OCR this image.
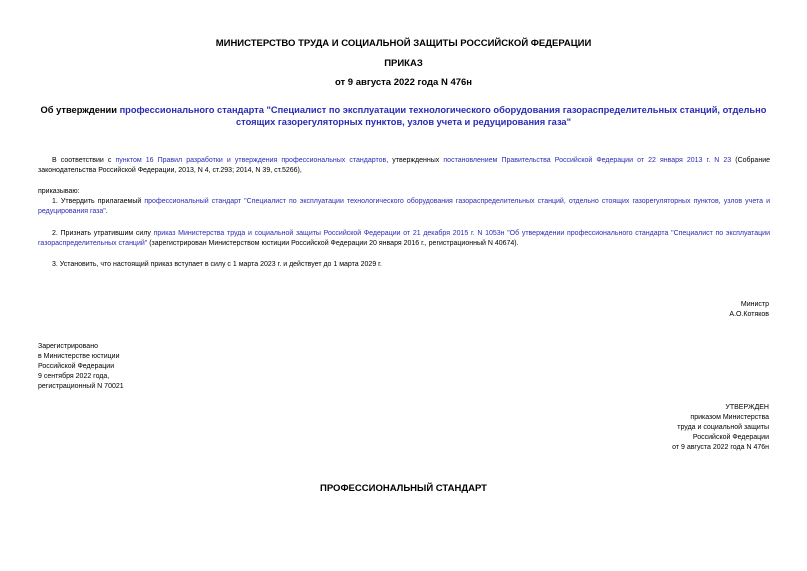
МИНИСТЕРСТВО ТРУДА И СОЦИАЛЬНОЙ ЗАЩИТЫ РОССИЙСКОЙ ФЕДЕРАЦИИ
ПРИКАЗ
от 9 августа 2022 года N 476н
Об утверждении профессионального стандарта "Специалист по эксплуатации технологического оборудования газораспределительных станций, отдельно стоящих газорегуляторных пунктов, узлов учета и редуцирования газа"
В соответствии с пунктом 16 Правил разработки и утверждения профессиональных стандартов, утвержденных постановлением Правительства Российской Федерации от 22 января 2013 г. N 23 (Собрание законодательства Российской Федерации, 2013, N 4, ст.293; 2014, N 39, ст.5266),
приказываю:
1. Утвердить прилагаемый профессиональный стандарт "Специалист по эксплуатации технологического оборудования газораспределительных станций, отдельно стоящих газорегуляторных пунктов, узлов учета и редуцирования газа".
2. Признать утратившим силу приказ Министерства труда и социальной защиты Российской Федерации от 21 декабря 2015 г. N 1053н "Об утверждении профессионального стандарта "Специалист по эксплуатации газораспределительных станций" (зарегистрирован Министерством юстиции Российской Федерации 20 января 2016 г., регистрационный N 40674).
3. Установить, что настоящий приказ вступает в силу с 1 марта 2023 г. и действует до 1 марта 2029 г.
Министр
А.О.Котяков
Зарегистрировано
в Министерстве юстиции
Российской Федерации
9 сентября 2022 года,
регистрационный N 70021
УТВЕРЖДЕН
приказом Министерства
труда и социальной защиты
Российской Федерации
от 9 августа 2022 года N 476н
ПРОФЕССИОНАЛЬНЫЙ СТАНДАРТ
